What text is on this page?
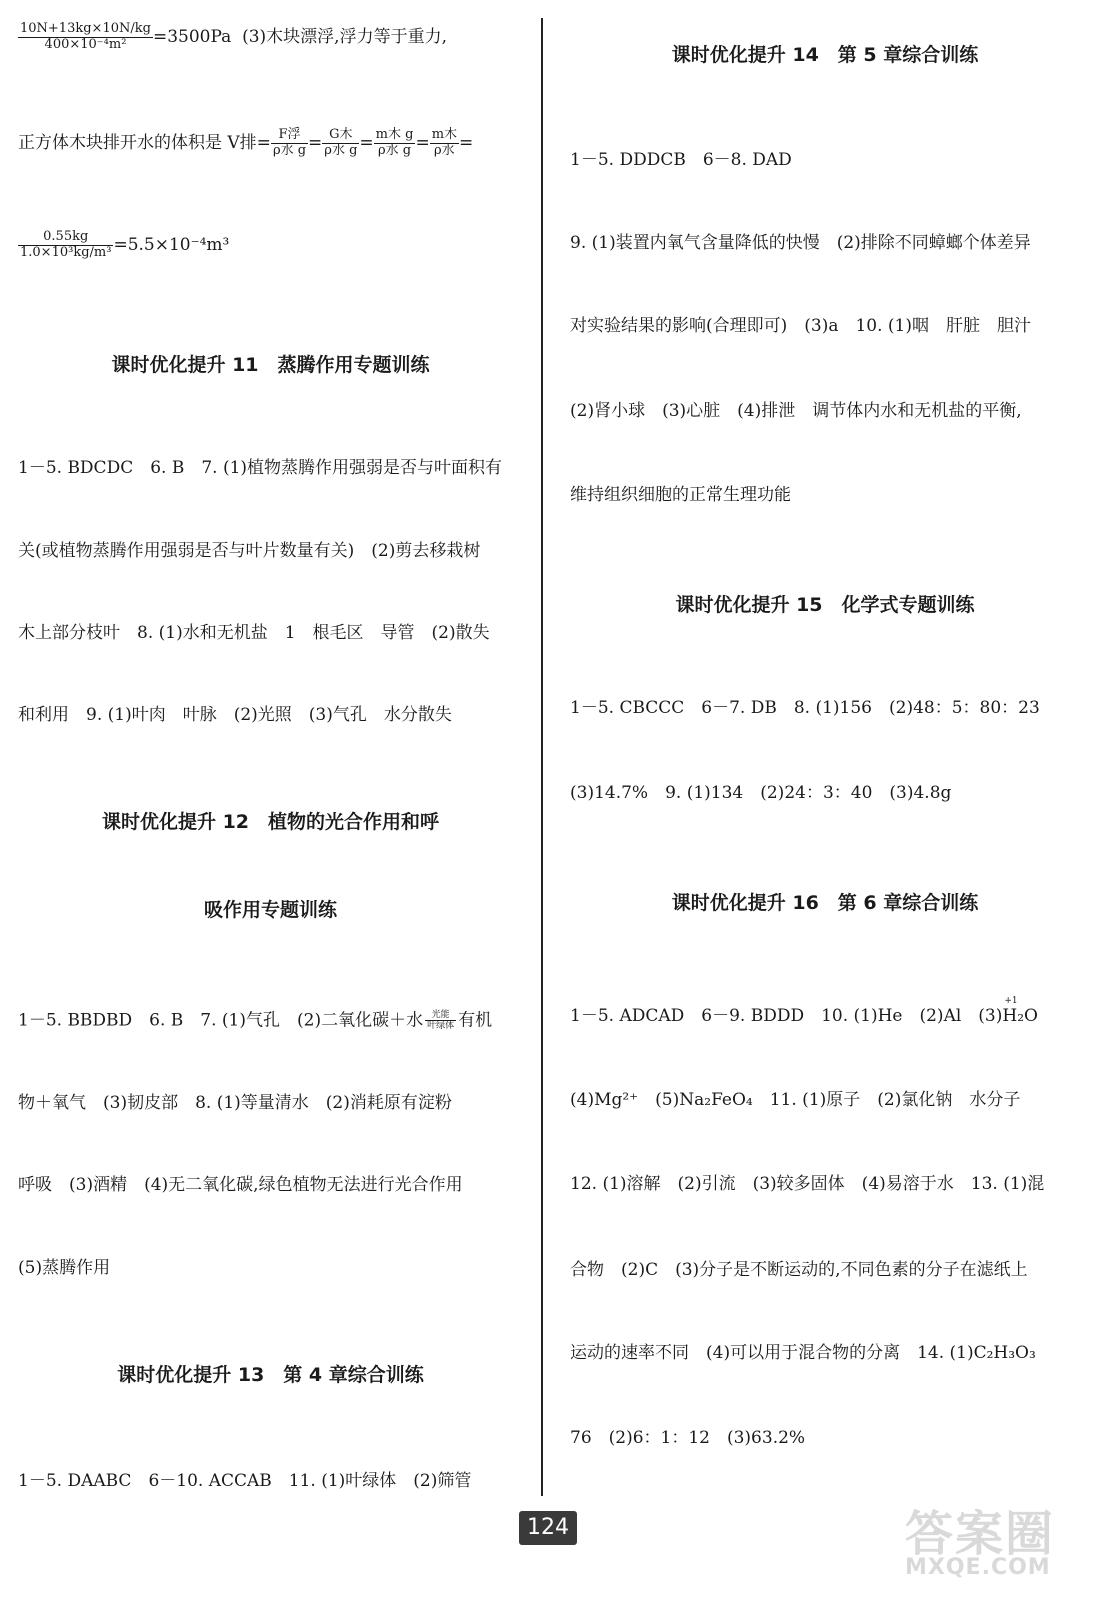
$\frac{10N+13kg\times 10N/kg}{\text{400×10⁻⁴m²}} =3500Pa$ (3)木块漂浮,浮力等于重力,
正方体木块排开水的体积是 V排= $\frac{\text{F浮}}{\text{ρ水 g}} = \frac{\text{G木}}{\text{ρ水 g}} = \frac{\text{m木 g}}{\text{ρ水 g}} = \frac{\text{m木}}{\text{ρ水}}$ =
$\frac{0.55kg}{\text{1.0×10³kg/m³}} =5.5\times 10^{-4}m^3$
课时优化提升 11　蒸腾作用专题训练
1－5. BDCDC　6. B　7. (1)植物蒸腾作用强弱是否与叶面积有
关(或植物蒸腾作用强弱是否与叶片数量有关)　(2)剪去移栽树
木上部分枝叶　8. (1)水和无机盐　1　根毛区　导管　(2)散失
和利用　9. (1)叶肉　叶脉　(2)光照　(3)气孔　水分散失
课时优化提升 12　植物的光合作用和呼
吸作用专题训练
1－5. BBDBD　6. B　7. (1)气孔　(2)二氧化碳＋水 $\frac{\text{光能}}{\text{叶绿体}}$ 有机
物＋氧气　(3)韧皮部　8. (1)等量清水　(2)消耗原有淀粉
呼吸　(3)酒精　(4)无二氧化碳,绿色植物无法进行光合作用
(5)蒸腾作用
课时优化提升 13　第 4 章综合训练
1－5. DAABC　6－10. ACCAB　11. (1)叶绿体　(2)筛管
课时优化提升 14　第 5 章综合训练
1－5. DDDCB　6－8. DAD
9. (1)装置内氧气含量降低的快慢　(2)排除不同蟑螂个体差异
对实验结果的影响(合理即可)　(3)a　10. (1)咽　肝脏　胆汁
(2)肾小球　(3)心脏　(4)排泄　调节体内水和无机盐的平衡,
维持组织细胞的正常生理功能
课时优化提升 15　化学式专题训练
1－5. CBCCC　6－7. DB　8. (1)156　(2)48：5：80：23
(3)14.7%　9. (1)134　(2)24：3：40　(3)4.8g
课时优化提升 16　第 6 章综合训练
1－5. ADCAD　6－9. BDDD　10. (1)He　(2)Al　(3)
+1
H₂O
(4)Mg²⁺　(5)Na₂FeO₄　11. (1)原子　(2)氯化钠　水分子
12. (1)溶解　(2)引流　(3)较多固体　(4)易溶于水　13. (1)混
合物　(2)C　(3)分子是不断运动的,不同色素的分子在滤纸上
运动的速率不同　(4)可以用于混合物的分离　14. (1)C₂H₃O₃
76　(2)6：1：12　(3)63.2%
124	答案圈
MXQE.COM
